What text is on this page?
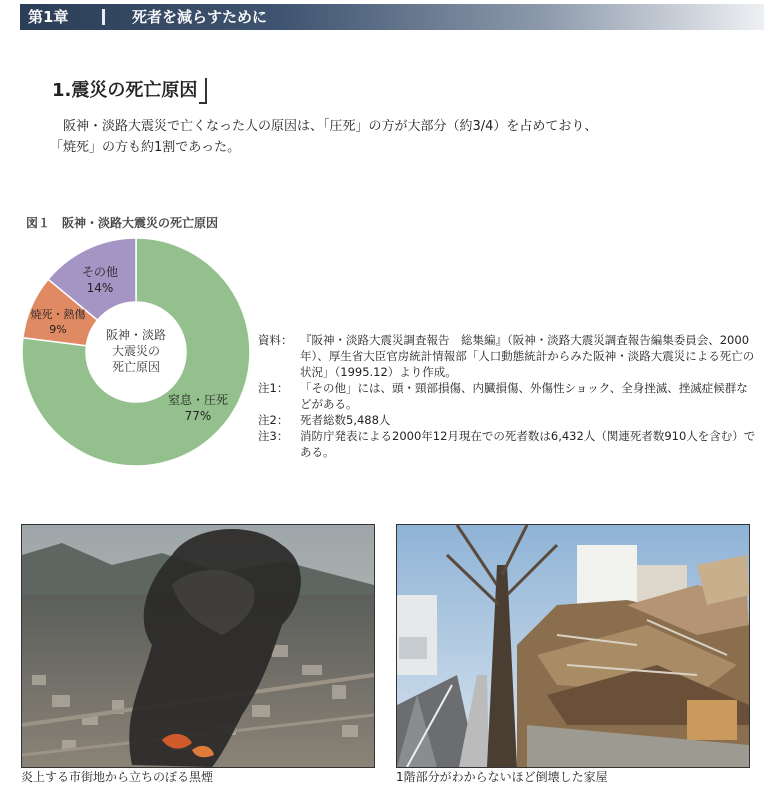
第1章	死者を減らすために
1.震災の死亡原因
阪神・淡路大震災で亡くなった人の原因は、「圧死」の方が大部分（約3/4）を占めており、
「焼死」の方も約1割であった。
図１　阪神・淡路大震災の死亡原因
阪神・淡路
大震災の
死亡原因
窒息・圧死
77%
焼死・熱傷
9%
その他
14%
資料： 『阪神・淡路大震災調査報告　総集編』（阪神・淡路大震災調査報告編集委員会、2000年）、厚生省大臣官房統計情報部「人口動態統計からみた阪神・淡路大震災による死亡の状況」（1995.12）より作成。
注1：	「その他」には、頭・頸部損傷、内臓損傷、外傷性ショック、全身挫滅、挫滅症候群などがある。
注2：	死者総数5,488人
注3：	消防庁発表による2000年12月現在での死者数は6,432人（関連死者数910人を含む）である。
炎上する市街地から立ちのぼる黒煙	1階部分がわからないほど倒壊した家屋
